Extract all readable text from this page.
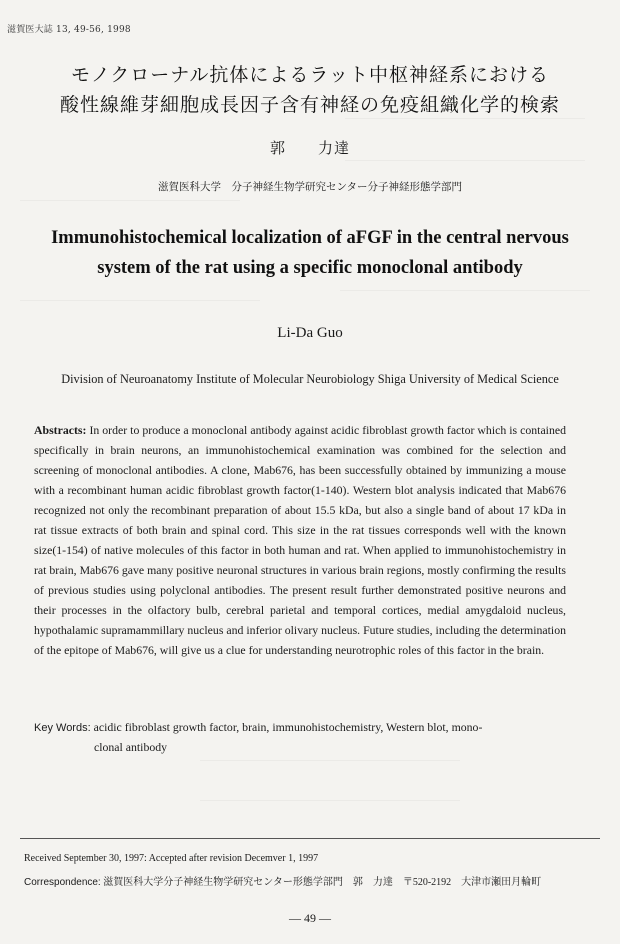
滋賀医大誌 13, 49-56, 1998
モノクローナル抗体によるラット中枢神経系における
酸性線維芽細胞成長因子含有神経の免疫組織化学的検索
郭　　力達
滋賀医科大学　分子神経生物学研究センター分子神経形態学部門
Immunohistochemical localization of aFGF in the central nervous
system of the rat using a specific monoclonal antibody
Li-Da Guo
Division of Neuroanatomy Institute of Molecular Neurobiology Shiga University of Medical Science
Abstracts: In order to produce a monoclonal antibody against acidic fibroblast growth factor which is contained specifically in brain neurons, an immunohistochemical examination was combined for the selection and screening of monoclonal antibodies. A clone, Mab676, has been successfully obtained by immunizing a mouse with a recombinant human acidic fibroblast growth factor(1-140). Western blot analysis indicated that Mab676 recognized not only the recombinant preparation of about 15.5 kDa, but also a single band of about 17 kDa in rat tissue extracts of both brain and spinal cord. This size in the rat tissues corresponds well with the known size(1-154) of native molecules of this factor in both human and rat. When applied to immunohistochemistry in rat brain, Mab676 gave many positive neuronal structures in various brain regions, mostly confirming the results of previous studies using polyclonal antibodies. The present result further demonstrated positive neurons and their processes in the olfactory bulb, cerebral parietal and temporal cortices, medial amygdaloid nucleus, hypothalamic supramammillary nucleus and inferior olivary nucleus. Future studies, including the determination of the epitope of Mab676, will give us a clue for understanding neurotrophic roles of this factor in the brain.
Key Words: acidic fibroblast growth factor, brain, immunohistochemistry, Western blot, mono-
clonal antibody
Received September 30, 1997: Accepted after revision Decemver 1, 1997
Correspondence: 滋賀医科大学分子神経生物学研究センター形態学部門　郭　力達　〒520-2192　大津市瀬田月輪町
— 49 —
